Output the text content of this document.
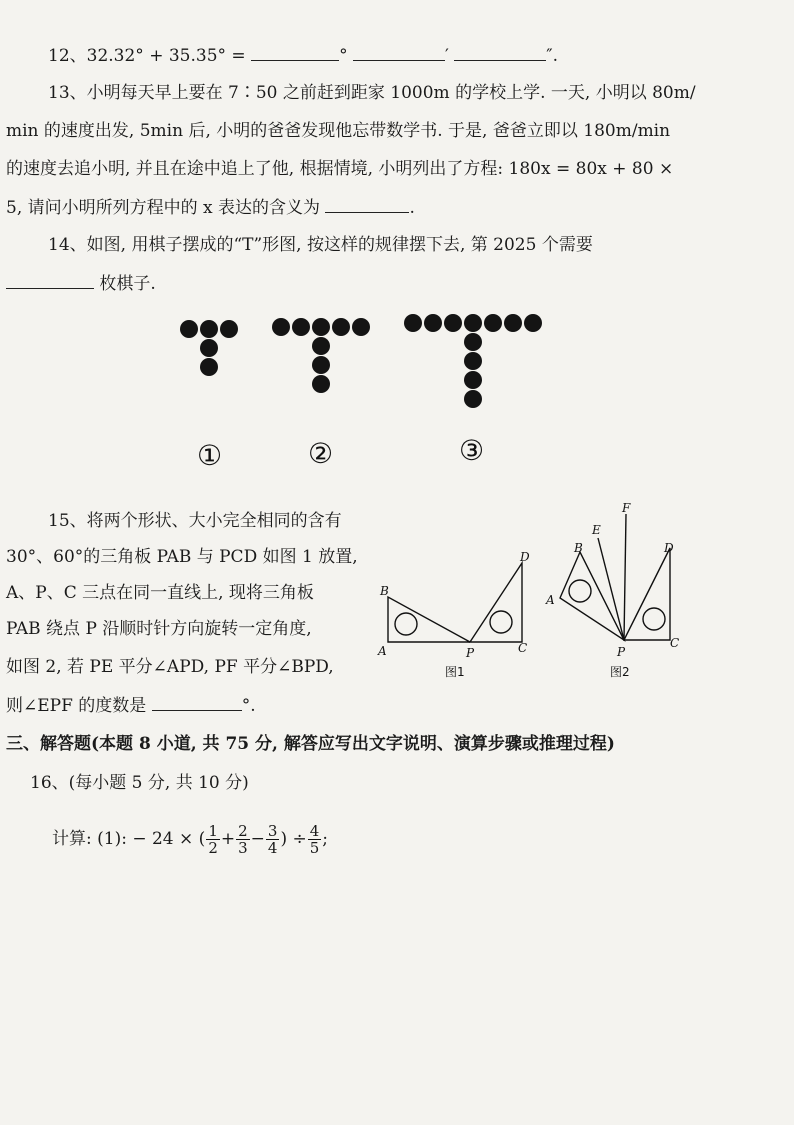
12、32.32° + 35.35° =	°	′	″.
13、小明每天早上要在 7∶50 之前赶到距家 1000m 的学校上学. 一天, 小明以 80m/
min 的速度出发, 5min 后, 小明的爸爸发现他忘带数学书. 于是, 爸爸立即以 180m/min
的速度去追小明, 并且在途中追上了他, 根据情境, 小明列出了方程: 180x = 80x + 80 ×
5, 请问小明所列方程中的 x 表达的含义为	.
14、如图, 用棋子摆成的“T”形图, 按这样的规律摆下去, 第 2025 个需要
枚棋子.
①	②	③
15、将两个形状、大小完全相同的含有
30°、60°的三角板 PAB 与 PCD 如图 1 放置,
A、P、C 三点在同一直线上, 现将三角板
PAB 绕点 P 沿顺时针方向旋转一定角度,
如图 2, 若 PE 平分∠APD, PF 平分∠BPD,
则∠EPF 的度数是	°.
B
A	P	C
D
图1
B
A
E
F
P
C
D
图2
三、解答题(本题 8 小道, 共 75 分, 解答应写出文字说明、演算步骤或推理过程)
16、(每小题 5 分, 共 10 分)
计算: (1): − 24 × ( $\frac{1}{2} + \frac{2}{3} - \frac{3}{4}$ ) ÷ $\frac{4}{5}$ ;
